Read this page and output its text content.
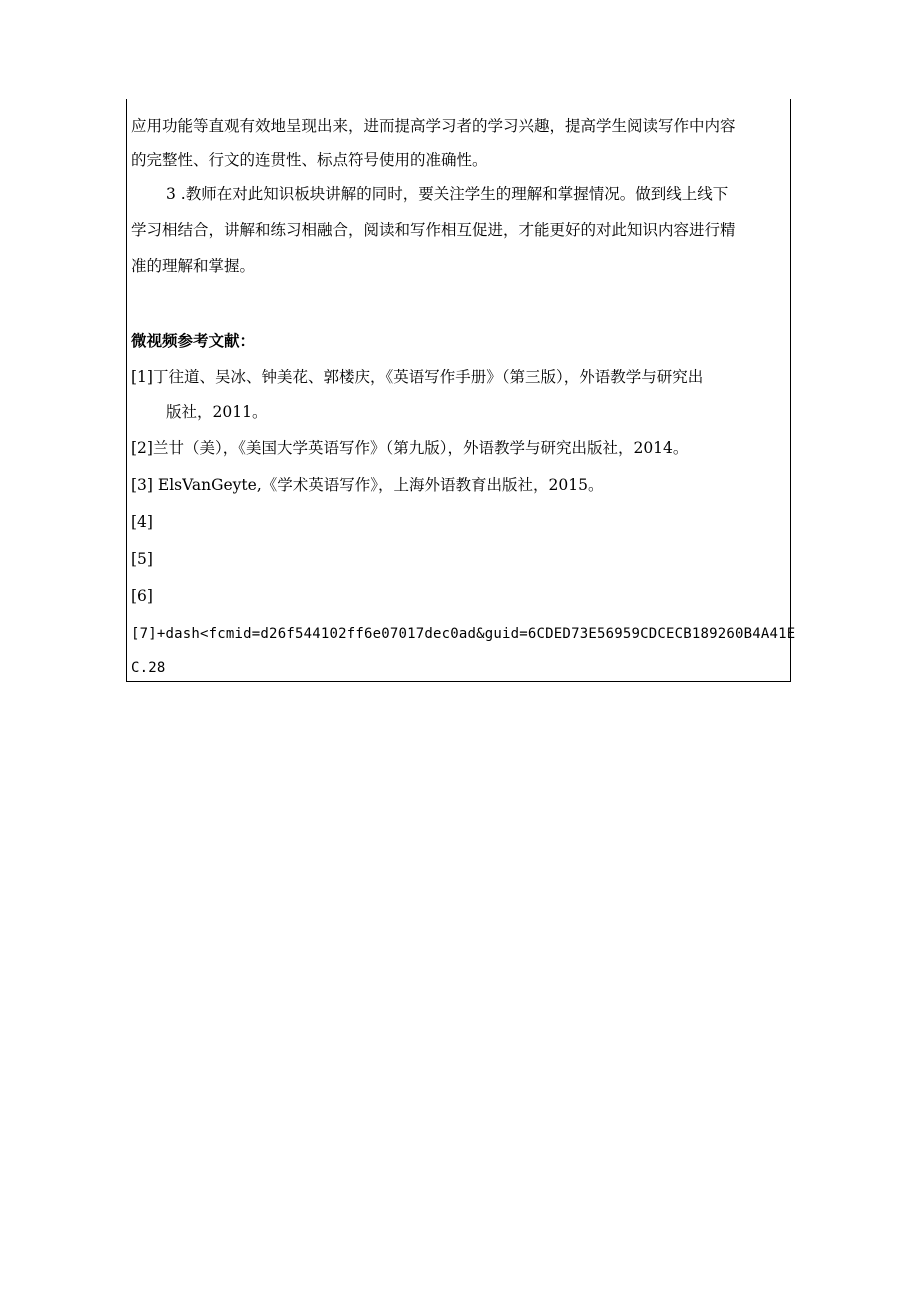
应用功能等直观有效地呈现出来，进而提高学习者的学习兴趣，提高学生阅读写作中内容
的完整性、行文的连贯性、标点符号使用的准确性。
3 .教师在对此知识板块讲解的同时，要关注学生的理解和掌握情况。做到线上线下
学习相结合，讲解和练习相融合，阅读和写作相互促进，才能更好的对此知识内容进行精
准的理解和掌握。
微视频参考文献：
[1]丁往道、吴冰、钟美花、郭楼庆，《英语写作手册》（第三版），外语教学与研究出
版社，2011。
[2]兰廿（美），《美国大学英语写作》（第九版），外语教学与研究出版社，2014。
[3] ElsVanGeyte,《学术英语写作》，上海外语教育出版社，2015。
[4]
[5]
[6]
[7]+dash<fcmid=d26f544102ff6e07017dec0ad&guid=6CDED73E56959CDCECB189260B4A41E
C.28
